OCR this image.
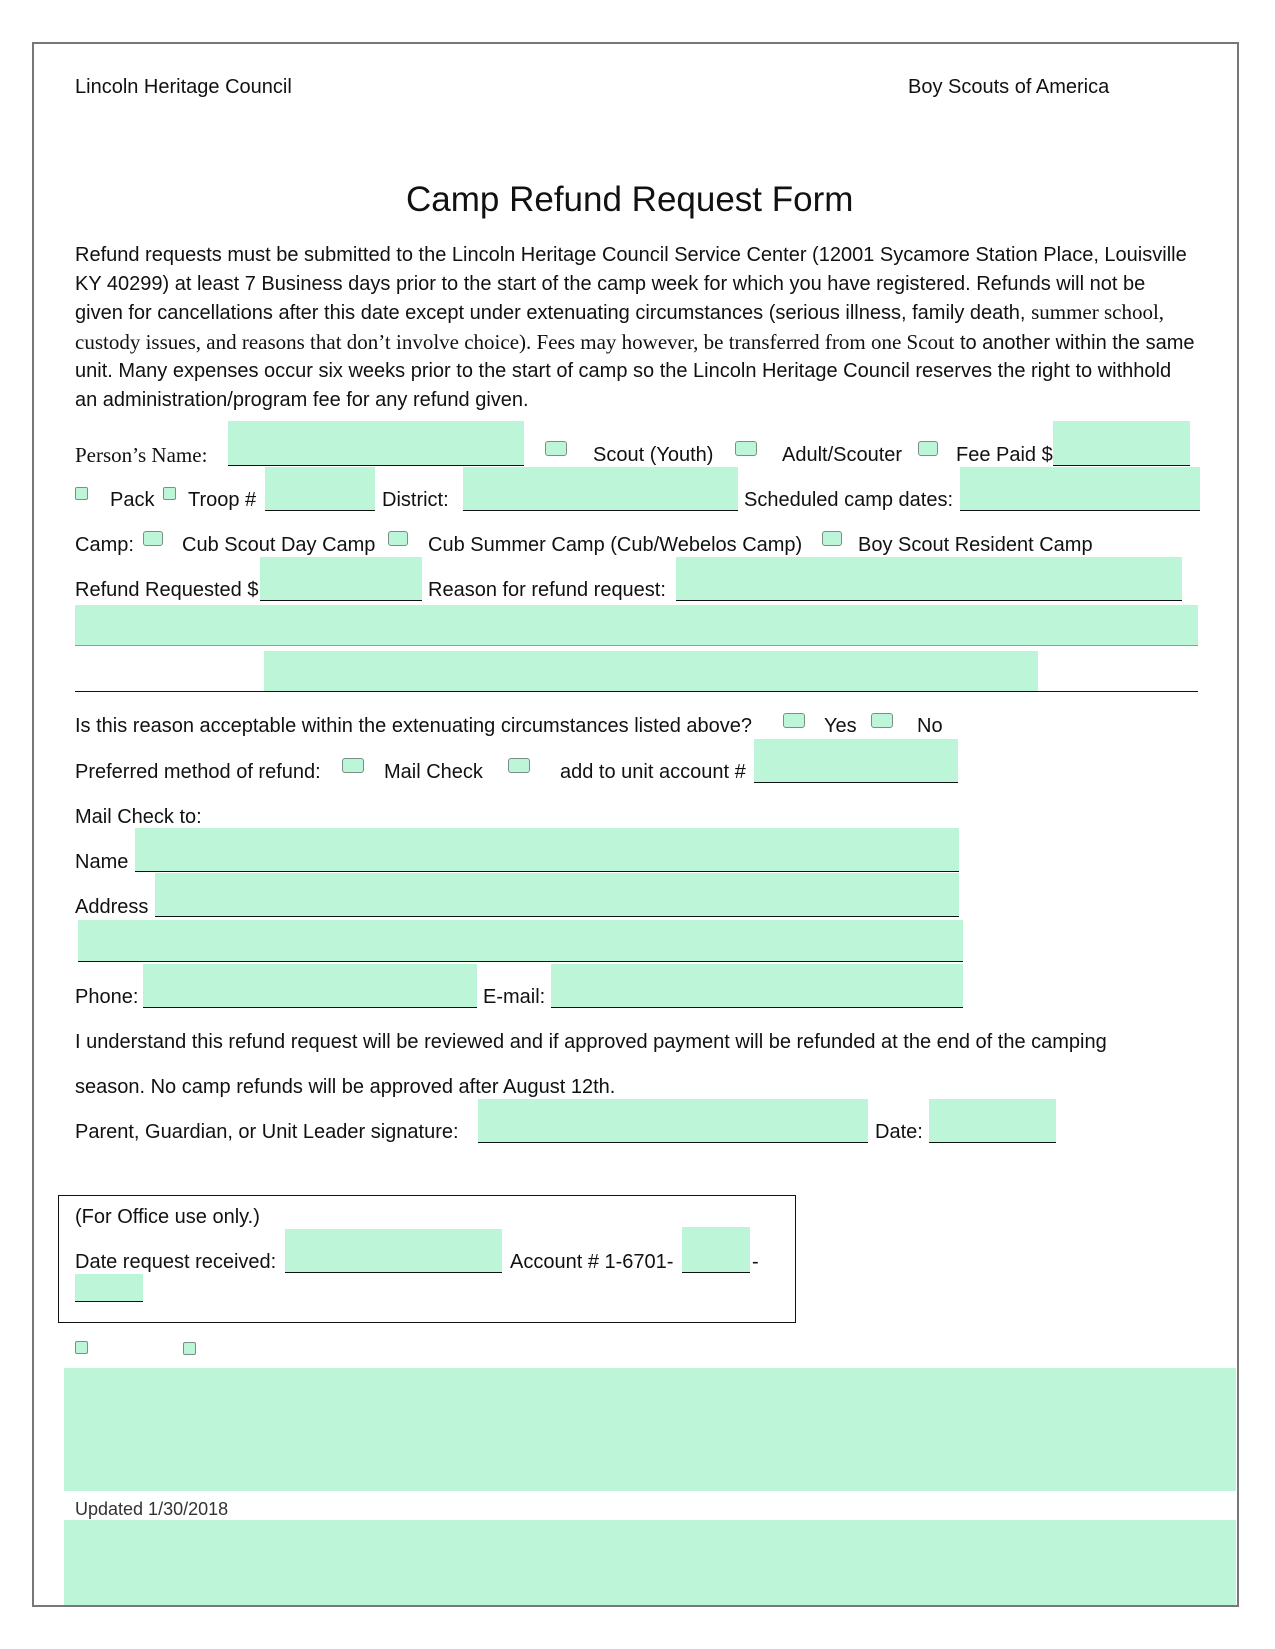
Lincoln Heritage Council	Boy Scouts of America
Camp Refund Request Form
Refund requests must be submitted to the Lincoln Heritage Council Service Center (12001 Sycamore Station Place, Louisville KY 40299) at least 7 Business days prior to the start of the camp week for which you have registered. Refunds will not be given for cancellations after this date except under extenuating circumstances (serious illness, family death, summer school, custody issues, and reasons that don’t involve choice). Fees may however, be transferred from one Scout to another within the same unit. Many expenses occur six weeks prior to the start of camp so the Lincoln Heritage Council reserves the right to withhold an administration/program fee for any refund given.
Person’s Name:	Scout (Youth)	Adult/Scouter	Fee Paid $
Pack Troop #	District:	Scheduled camp dates:
Camp: Cub Scout Day Camp	Cub Summer Camp (Cub/Webelos Camp)	Boy Scout Resident Camp
Refund Requested $	Reason for refund request:
Is this reason acceptable within the extenuating circumstances listed above?	Yes	No
Preferred method of refund:	Mail Check	add to unit account #
Mail Check to:
Name
Address
Phone:	E-mail:
I understand this refund request will be reviewed and if approved payment will be refunded at the end of the camping
season. No camp refunds will be approved after August 12th.
Parent, Guardian, or Unit Leader signature:	Date:
(For Office use only.)
Date request received:	Account # 1-6701-	-
Updated 1/30/2018
